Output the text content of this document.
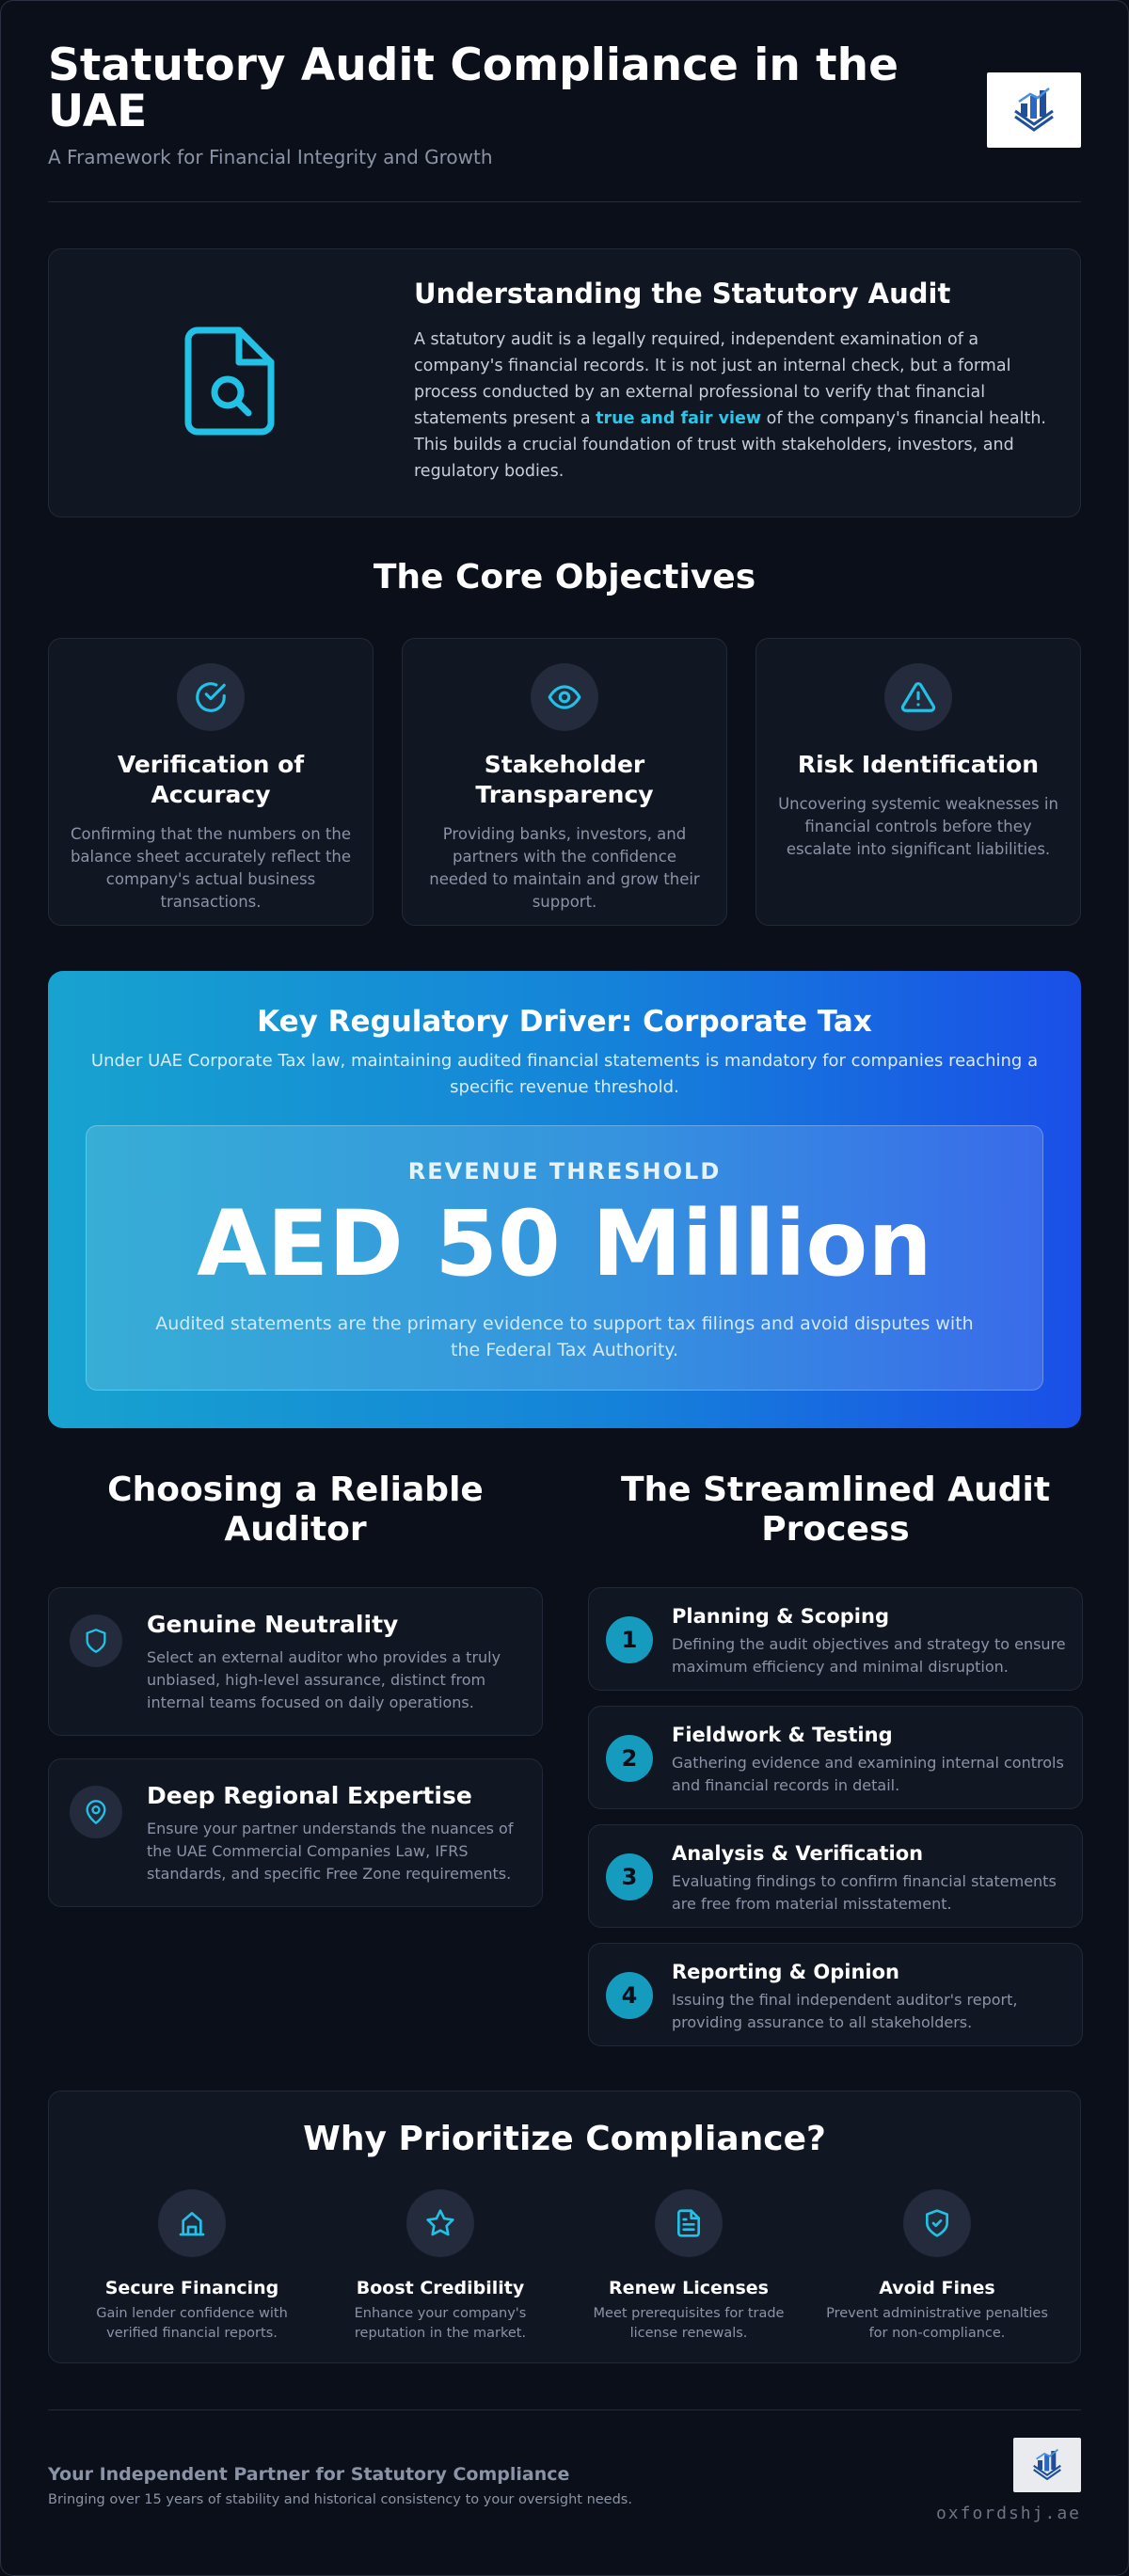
Statutory Audit Compliance in the UAE
A Framework for Financial Integrity and Growth
Understanding the Statutory Audit

A statutory audit is a legally required, independent examination of a company's financial records. It is not just an internal check, but a formal process conducted by an external professional to verify that financial statements present a true and fair view of the company's financial health. This builds a crucial foundation of trust with stakeholders, investors, and regulatory bodies.

The Core Objectives
Verification of Accuracy

Confirming that the numbers on the balance sheet accurately reflect the company's actual business transactions.

Stakeholder Transparency

Providing banks, investors, and partners with the confidence needed to maintain and grow their support.

Risk Identification

Uncovering systemic weaknesses in financial controls before they escalate into significant liabilities.

Key Regulatory Driver: Corporate Tax
Under UAE Corporate Tax law, maintaining audited financial statements is mandatory for companies reaching a specific revenue threshold.
REVENUE THRESHOLD
AED 50 Million
Audited statements are the primary evidence to support tax filings and avoid disputes with the Federal Tax Authority.
Choosing a Reliable Auditor
Genuine Neutrality

Select an external auditor who provides a truly unbiased, high-level assurance, distinct from internal teams focused on daily operations.

Deep Regional Expertise

Ensure your partner understands the nuances of the UAE Commercial Companies Law, IFRS standards, and specific Free Zone requirements.

The Streamlined Audit Process
1
Planning & Scoping

Defining the audit objectives and strategy to ensure maximum efficiency and minimal disruption.

2
Fieldwork & Testing

Gathering evidence and examining internal controls and financial records in detail.

3
Analysis & Verification

Evaluating findings to confirm financial statements are free from material misstatement.

4
Reporting & Opinion

Issuing the final independent auditor's report, providing assurance to all stakeholders.

Why Prioritize Compliance?
Secure Financing

Gain lender confidence with verified financial reports.

Boost Credibility

Enhance your company's reputation in the market.

Renew Licenses

Meet prerequisites for trade license renewals.

Avoid Fines

Prevent administrative penalties for non-compliance.

Your Independent Partner for Statutory Compliance
Bringing over 15 years of stability and historical consistency to your oversight needs.
oxfordshj.ae
